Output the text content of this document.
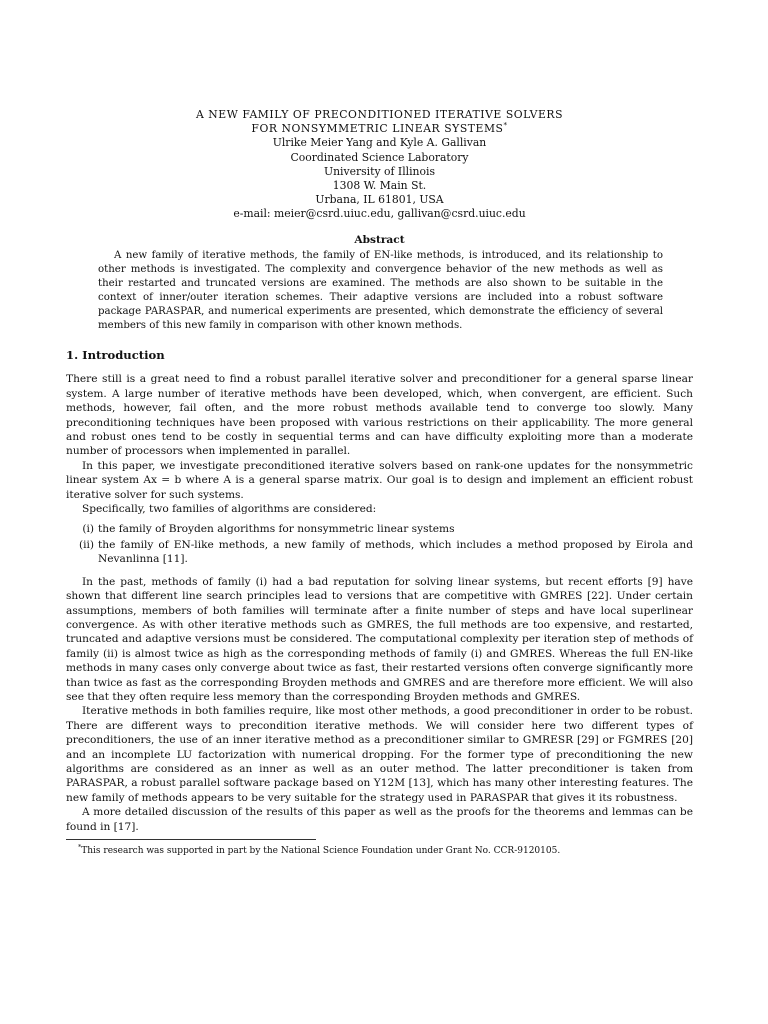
A NEW FAMILY OF PRECONDITIONED ITERATIVE SOLVERS
FOR NONSYMMETRIC LINEAR SYSTEMS*
Ulrike Meier Yang and Kyle A. Gallivan
Coordinated Science Laboratory
University of Illinois
1308 W. Main St.
Urbana, IL 61801, USA
e-mail: meier@csrd.uiuc.edu, gallivan@csrd.uiuc.edu
Abstract

A new family of iterative methods, the family of EN-like methods, is introduced, and its relationship to other methods is investigated. The complexity and convergence behavior of the new methods as well as their restarted and truncated versions are examined. The methods are also shown to be suitable in the context of inner/outer iteration schemes. Their adaptive versions are included into a robust software package PARASPAR, and numerical experiments are presented, which demonstrate the efficiency of several members of this new family in comparison with other known methods.

1. Introduction

There still is a great need to find a robust parallel iterative solver and preconditioner for a general sparse linear system. A large number of iterative methods have been developed, which, when convergent, are efficient. Such methods, however, fail often, and the more robust methods available tend to converge too slowly. Many preconditioning techniques have been proposed with various restrictions on their applicability. The more general and robust ones tend to be costly in sequential terms and can have difficulty exploiting more than a moderate number of processors when implemented in parallel.

In this paper, we investigate preconditioned iterative solvers based on rank-one updates for the nonsymmetric linear system Ax = b where A is a general sparse matrix. Our goal is to design and implement an efficient robust iterative solver for such systems.

Specifically, two families of algorithms are considered:

(i) the family of Broyden algorithms for nonsymmetric linear systems
(ii) the family of EN-like methods, a new family of methods, which includes a method proposed by Eirola and Nevanlinna [11].

In the past, methods of family (i) had a bad reputation for solving linear systems, but recent efforts [9] have shown that different line search principles lead to versions that are competitive with GMRES [22]. Under certain assumptions, members of both families will terminate after a finite number of steps and have local superlinear convergence. As with other iterative methods such as GMRES, the full methods are too expensive, and restarted, truncated and adaptive versions must be considered. The computational complexity per iteration step of methods of family (ii) is almost twice as high as the corresponding methods of family (i) and GMRES. Whereas the full EN-like methods in many cases only converge about twice as fast, their restarted versions often converge significantly more than twice as fast as the corresponding Broyden methods and GMRES and are therefore more efficient. We will also see that they often require less memory than the corresponding Broyden methods and GMRES.

Iterative methods in both families require, like most other methods, a good preconditioner in order to be robust. There are different ways to precondition iterative methods. We will consider here two different types of preconditioners, the use of an inner iterative method as a preconditioner similar to GMRESR [29] or FGMRES [20] and an incomplete LU factorization with numerical dropping. For the former type of preconditioning the new algorithms are considered as an inner as well as an outer method. The latter preconditioner is taken from PARASPAR, a robust parallel software package based on Y12M [13], which has many other interesting features. The new family of methods appears to be very suitable for the strategy used in PARASPAR that gives it its robustness.

A more detailed discussion of the results of this paper as well as the proofs for the theorems and lemmas can be found in [17].

*This research was supported in part by the National Science Foundation under Grant No. CCR-9120105.
